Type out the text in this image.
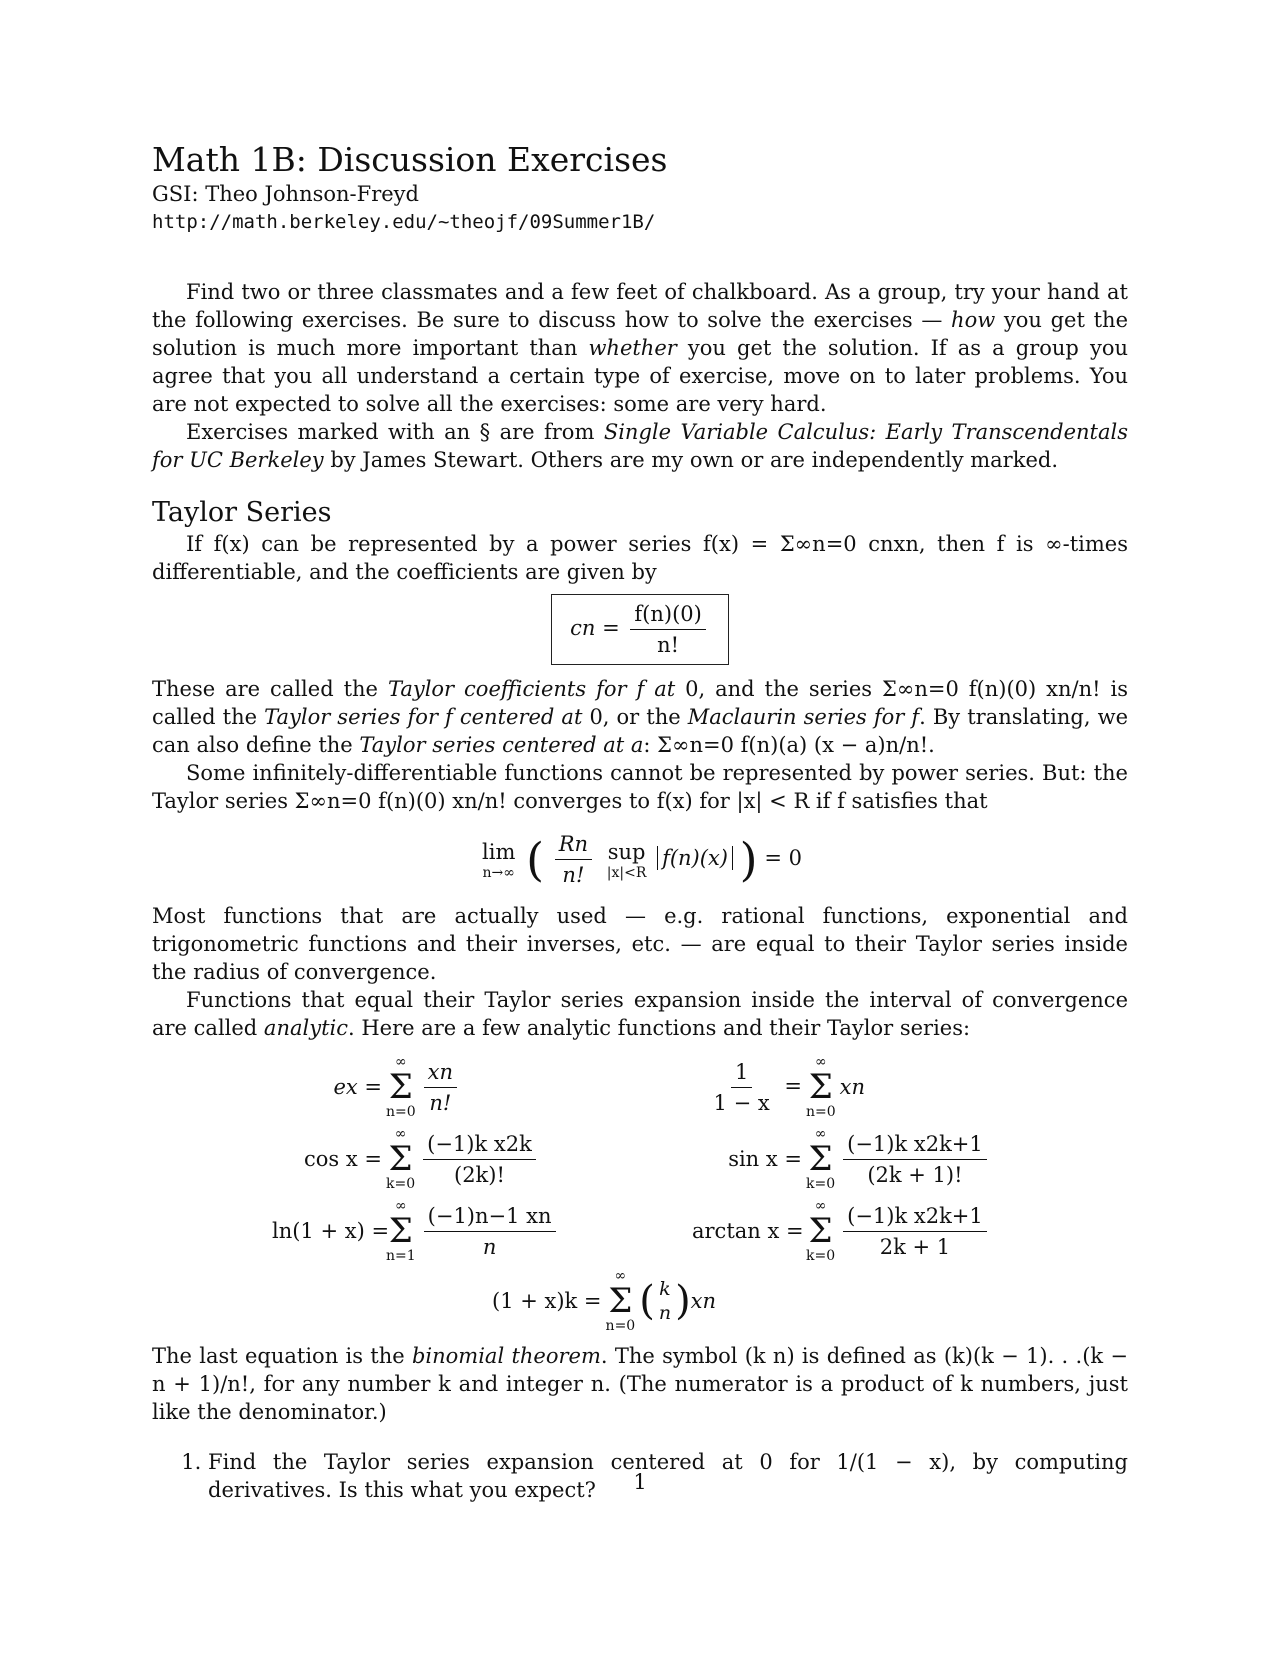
Math 1B: Discussion Exercises
GSI: Theo Johnson-Freyd
http://math.berkeley.edu/~theojf/09Summer1B/

Find two or three classmates and a few feet of chalkboard. As a group, try your hand at the following exercises. Be sure to discuss how to solve the exercises — how you get the solution is much more important than whether you get the solution. If as a group you agree that you all understand a certain type of exercise, move on to later problems. You are not expected to solve all the exercises: some are very hard.

Exercises marked with an § are from Single Variable Calculus: Early Transcendentals for UC Berkeley by James Stewart. Others are my own or are independently marked.

Taylor Series

If f(x) can be represented by a power series f(x) = Σ∞n=0 cnxn, then f is ∞-times differentiable, and the coefficients are given by

cn = $\frac{f(n)(0)}{n!}$

These are called the Taylor coefficients for f at 0, and the series Σ∞n=0 f(n)(0) xn/n! is called the Taylor series for f centered at 0, or the Maclaurin series for f. By translating, we can also define the Taylor series centered at a: Σ∞n=0 f(n)(a) (x − a)n/n!.

Some infinitely-differentiable functions cannot be represented by power series. But: the Taylor series Σ∞n=0 f(n)(0) xn/n! converges to f(x) for |x| < R if f satisfies that

lim
n→∞ ( $\frac{Rn}{n!}$
sup
|x|<R
f(n)(x) ) = 0

Most functions that are actually used — e.g. rational functions, exponential and trigonometric functions and their inverses, etc. — are equal to their Taylor series inside the radius of convergence.

Functions that equal their Taylor series expansion inside the interval of convergence are called analytic. Here are a few analytic functions and their Taylor series:

ex =
∞
Σ
$n=0 \frac{xn}{n!}$
cos x =
∞
Σ
$k=0 \frac{\text{(−1)k x2k}}{(2k)!}$
ln(1 + x) =
∞
Σ
$n=1 \frac{(-1)n-1 xn}{n}$
$\frac{1}{1 - x}$ =
∞
Σ
n=0
xn
sin x =
∞
Σ
$k=0 \frac{\text{(−1)k x2k+1}}{(2k + 1)!}$
arctan x =
∞
Σ
$k=0 \frac{\text{(−1)k x2k+1}}{2k + 1}$
(1 + x)k =
∞
Σ
n=0
( k
n ) xn

The last equation is the binomial theorem. The symbol (k n) is defined as (k)(k − 1). . .(k − n + 1)/n!, for any number k and integer n. (The numerator is a product of k numbers, just like the denominator.)

1. Find the Taylor series expansion centered at 0 for 1/(1 − x), by computing derivatives. Is this what you expect?	1
